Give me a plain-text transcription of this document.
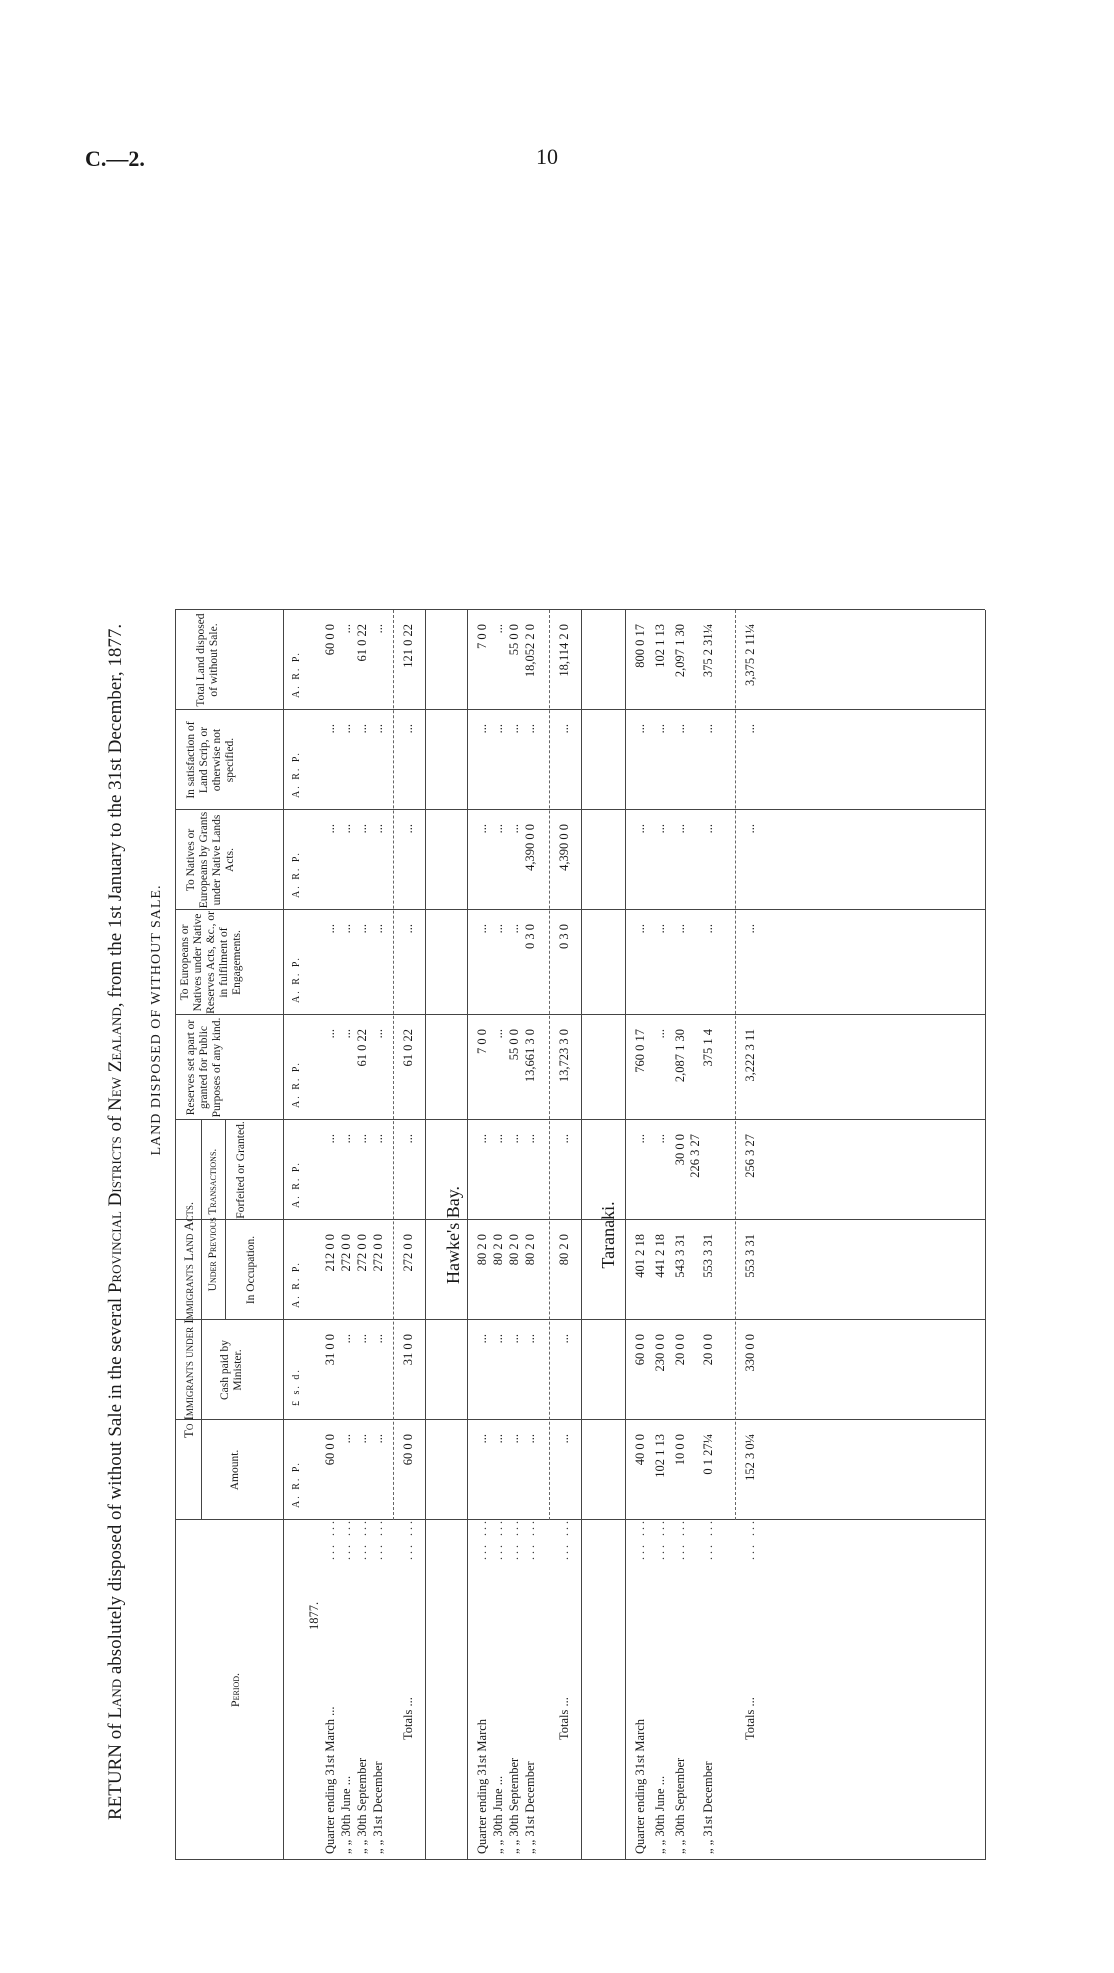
C.—2.	10
RETURN of Land absolutely disposed of without Sale in the several Provincial Districts of New Zealand, from the 1st January to the 31st December, 1877.
LAND DISPOSED OF WITHOUT SALE.
Period.
To Immigrants under Immigrants Land Acts.
Amount.
Cash paid by Minister.
Under Previous Transactions. In Occupation.
Forfeited or Granted.
Reserves set apart or granted for Public Purposes of any kind.
To Europeans or Natives under Native Reserves Acts, &c., or in fulfilment of Engagements.
To Natives or Europeans by Grants under Native Lands Acts.
In satisfaction of Land Scrip, or otherwise not specified.
Total Land disposed of without Sale.
A. R. P.
A. R. P.
A. R. P.
A. R. P.
A. R. P.
A. R. P.
A. R. P.
A. R. P.
£ s. d.
1877.
Quarter ending 31st March ...
... ...
60 0 0
31 0 0
212 0 0
...
...
...
...
...
60 0 0
„ „ 30th June ...
... ...
...
...
272 0 0
...
...
...
...
...
...
„ „ 30th September
... ...
...
...
272 0 0
...
61 0 22
...
...
...
61 0 22
„ „ 31st December
... ...
...
...
272 0 0
...
...
...
...
...
...
Totals ...
... ...
60 0 0
31 0 0
272 0 0
...
61 0 22
...
...
...
121 0 22
Hawke's Bay.
Quarter ending 31st March
... ...
...
...
80 2 0
...
7 0 0
...
...
...
7 0 0
„ „ 30th June ...
... ...
...
...
80 2 0
...
...
...
...
...
...
„ „ 30th September
... ...
...
...
80 2 0
...
55 0 0
...
...
...
55 0 0
„ „ 31st December
... ...
...
...
80 2 0
...
13,661 3 0
0 3 0
4,390 0 0
...
18,052 2 0
Totals ...
... ...
...
...
80 2 0
...
13,723 3 0
0 3 0
4,390 0 0
...
18,114 2 0
Taranaki.
Quarter ending 31st March
... ...
40 0 0
60 0 0
401 2 18
...
760 0 17
...
...
...
800 0 17
„ „ 30th June ...
... ...
102 1 13
230 0 0
441 2 18
...
...
...
...
...
102 1 13
„ „ 30th September
... ...
10 0 0
20 0 0
543 3 31
30 0 0
2,087 1 30
...
...
...
2,097 1 30
226 3 27
„ „ 31st December
... ...
0 1 27¼
20 0 0
553 3 31
375 1 4
...
...
...
375 2 31¼
Totals ...
... ...
152 3 0¼
330 0 0
553 3 31
256 3 27
3,222 3 11
...
...
...
3,375 2 11¼
